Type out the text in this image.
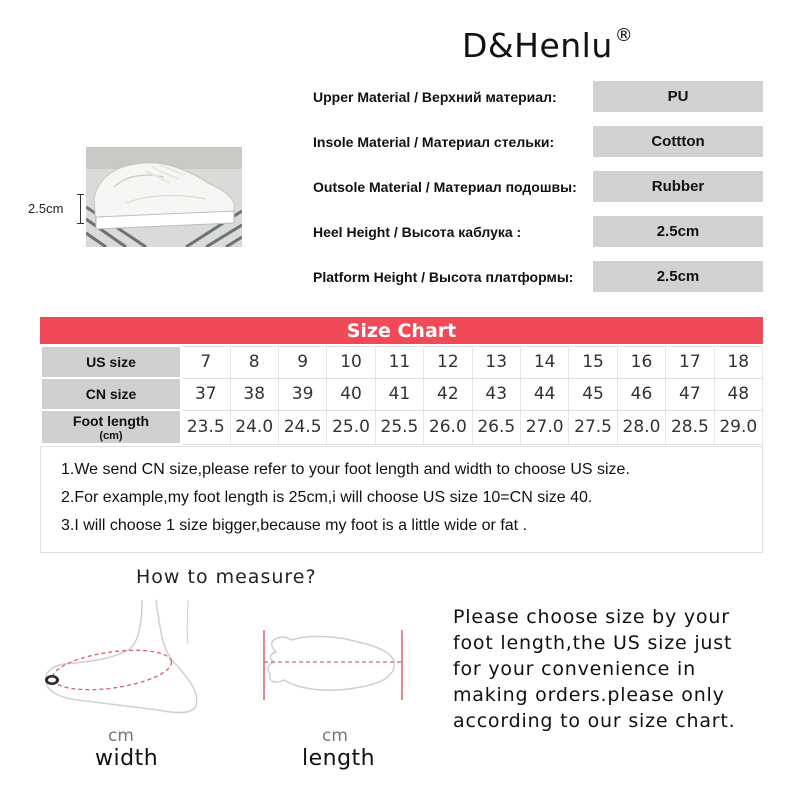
D&Henlu ®
2.5cm
Upper Material / Верхний материал:	PU
Insole Material / Материал стельки:	Cottton
Outsole Material / Материал подошвы:	Rubber
Heel Height / Высота каблука :	2.5cm
Platform Height / Высота платформы:	2.5cm
Size Chart
US size	7	8	9	10	11	12	13	14	15	16	17	18
CN size	37	38	39	40	41	42	43	44	45	46	47	48
Foot length
(cm)	23.5	24.0	24.5	25.0	25.5	26.0	26.5	27.0	27.5	28.0	28.5	29.0
1.We send CN size,please refer to your foot length and width to choose US size.
2.For example,my foot length is 25cm,i will choose US size 10=CN size 40.
3.I will choose 1 size bigger,because my foot is a little wide or fat .
How to measure?
cm
width
cm
length
Please choose size by your
foot length,the US size just
for your convenience in
making orders.please only
according to our size chart.
